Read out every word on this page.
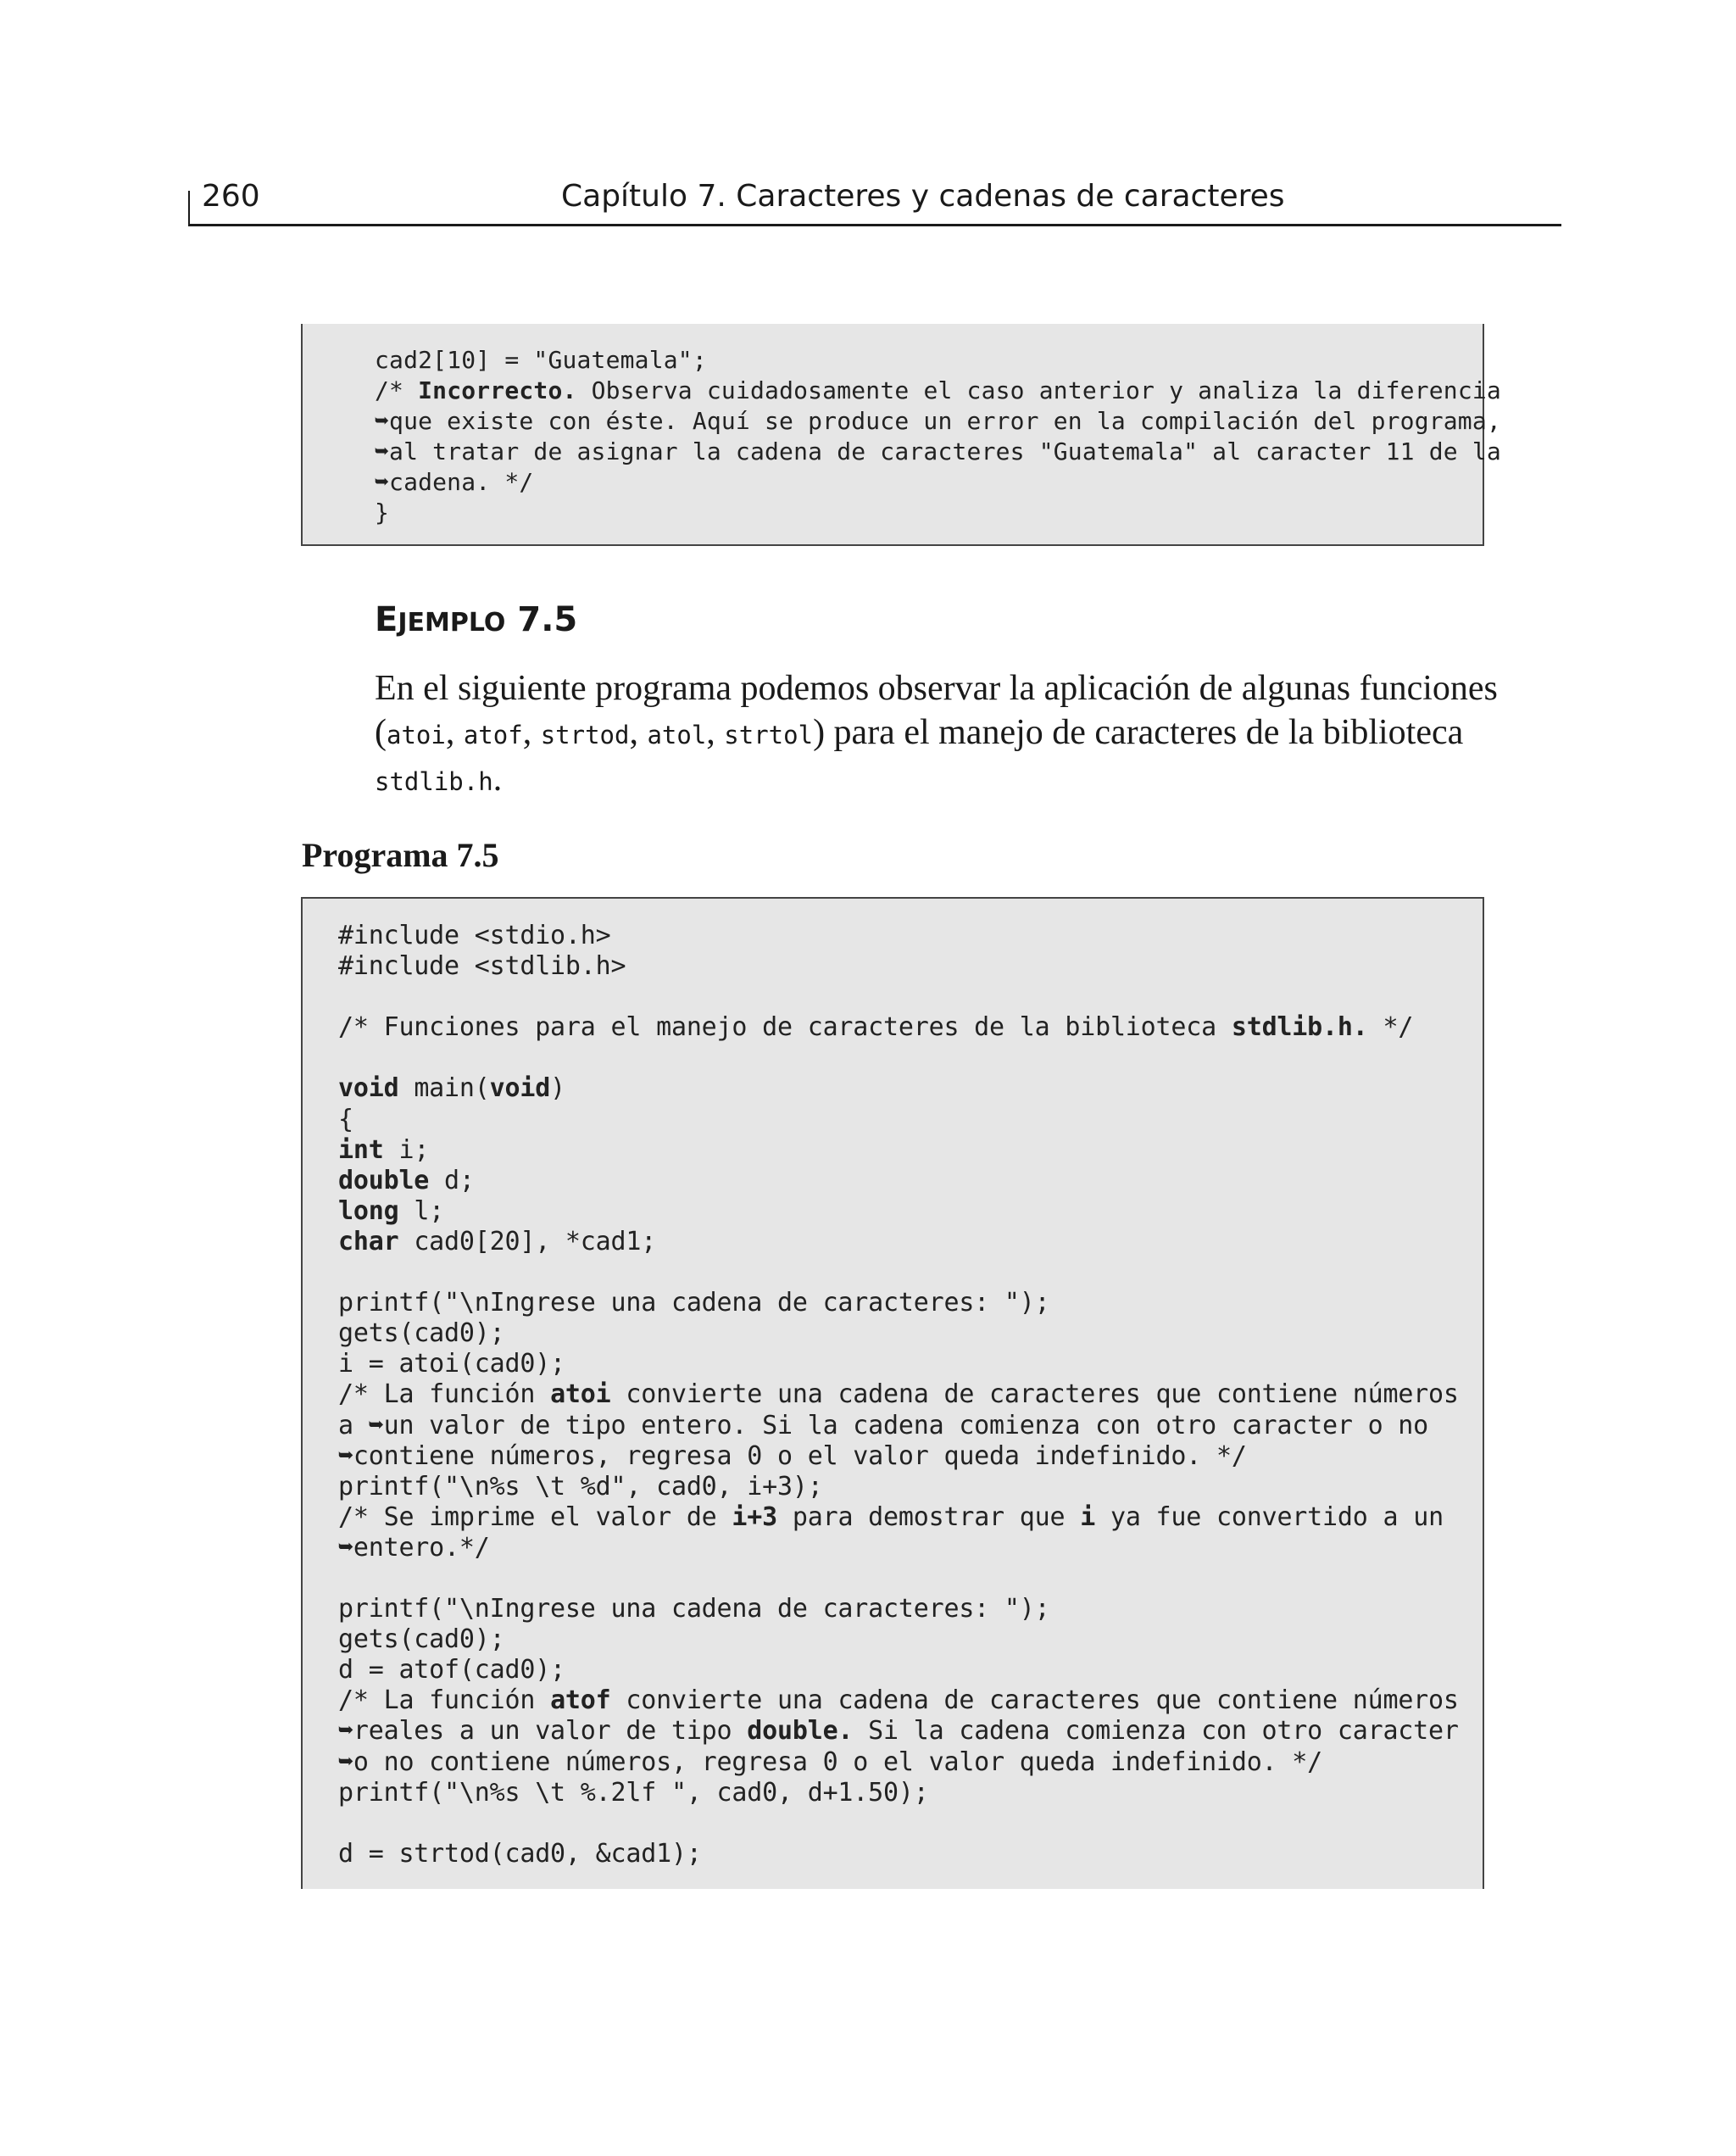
260	Capítulo 7. Caracteres y cadenas de caracteres
cad2[10] = "Guatemala";
/* Incorrecto. Observa cuidadosamente el caso anterior y analiza la diferencia
➥que existe con éste. Aquí se produce un error en la compilación del programa,
➥al tratar de asignar la cadena de caracteres "Guatemala" al caracter 11 de la
➥cadena. */
}
EJEMPLO 7.5
En el siguiente programa podemos observar la aplicación de algunas funciones
(atoi, atof, strtod, atol, strtol) para el manejo de caracteres de la biblioteca
stdlib.h.
Programa 7.5
#include <stdio.h>
#include <stdlib.h>

/* Funciones para el manejo de caracteres de la biblioteca stdlib.h. */

void main(void)
{
int i;
double d;
long l;
char cad0[20], *cad1;

printf("\nIngrese una cadena de caracteres: ");
gets(cad0);
i = atoi(cad0);
/* La función atoi convierte una cadena de caracteres que contiene números
a ➥un valor de tipo entero. Si la cadena comienza con otro caracter o no
➥contiene números, regresa 0 o el valor queda indefinido. */
printf("\n%s \t %d", cad0, i+3);
/* Se imprime el valor de i+3 para demostrar que i ya fue convertido a un
➥entero.*/

printf("\nIngrese una cadena de caracteres: ");
gets(cad0);
d = atof(cad0);
/* La función atof convierte una cadena de caracteres que contiene números
➥reales a un valor de tipo double. Si la cadena comienza con otro caracter
➥o no contiene números, regresa 0 o el valor queda indefinido. */
printf("\n%s \t %.2lf ", cad0, d+1.50);

d = strtod(cad0, &cad1);
